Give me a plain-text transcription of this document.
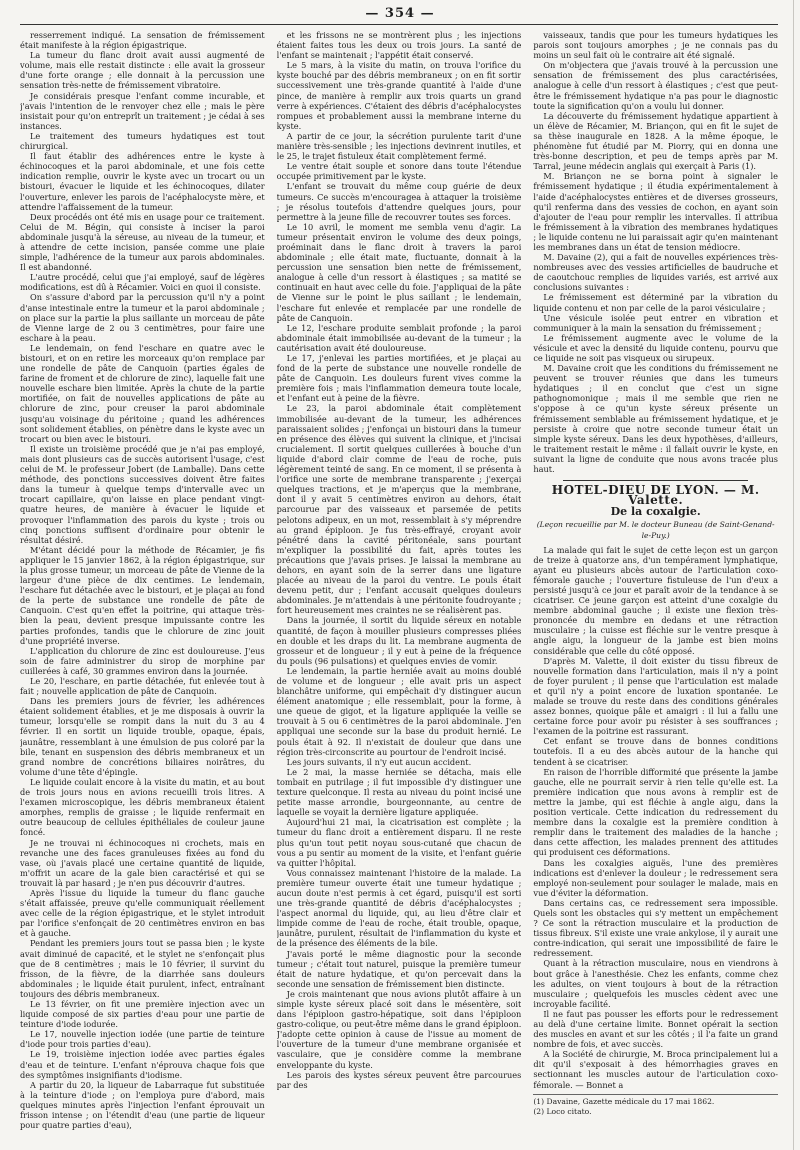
— 354 —

resserrement indiqué. La sensation de frémissement était manifeste à la région épigastrique.

La tumeur du flanc droit avait aussi augmenté de volume, mais elle restait distincte : elle avait la grosseur d'une forte orange ; elle donnait à la percussion une sensation très-nette de frémissement vibratoire.

Je considérais presque l'enfant comme incurable, et j'avais l'intention de le renvoyer chez elle ; mais le père insistait pour qu'on entreprît un traitement ; je cédai à ses instances.

Le traitement des tumeurs hydatiques est tout chirurgical.

Il faut établir des adhérences entre le kyste à échinocoques et la paroi abdominale, et une fois cette indication remplie, ouvrir le kyste avec un trocart ou un bistouri, évacuer le liquide et les échinocoques, dilater l'ouverture, enlever les parois de l'acéphalocyste mère, et attendre l'affaissement de la tumeur.

Deux procédés ont été mis en usage pour ce traitement. Celui de M. Bégin, qui consiste à inciser la paroi abdominale jusqu'à la séreuse, au niveau de la tumeur, et à attendre de cette incision, pansée comme une plaie simple, l'adhérence de la tumeur aux parois abdominales. Il est abandonné.

L'autre procédé, celui que j'ai employé, sauf de légères modifications, est dû à Récamier. Voici en quoi il consiste.

On s'assure d'abord par la percussion qu'il n'y a point d'anse intestinale entre la tumeur et la paroi abdominale ; on place sur la partie la plus saillante un morceau de pâte de Vienne large de 2 ou 3 centimètres, pour faire une eschare à la peau.

Le lendemain, on fend l'eschare en quatre avec le bistouri, et on en retire les morceaux qu'on remplace par une rondelle de pâte de Canquoin (parties égales de farine de froment et de chlorure de zinc), laquelle fait une nouvelle eschare bien limitée. Après la chute de la partie mortifiée, on fait de nouvelles applications de pâte au chlorure de zinc, pour creuser la paroi abdominale jusqu'au voisinage du péritoine ; quand les adhérences sont solidement établies, on pénètre dans le kyste avec un trocart ou bien avec le bistouri.

Il existe un troisième procédé que je n'ai pas employé, mais dont plusieurs cas de succès autorisent l'usage, c'est celui de M. le professeur Jobert (de Lamballe). Dans cette méthode, des ponctions successives doivent être faites dans la tumeur à quelque temps d'intervalle avec un trocart capillaire, qu'on laisse en place pendant vingt-quatre heures, de manière à évacuer le liquide et provoquer l'inflammation des parois du kyste ; trois ou cinq ponctions suffisent d'ordinaire pour obtenir le résultat désiré.

M'étant décidé pour la méthode de Récamier, je fis appliquer le 15 janvier 1862, à la région épigastrique, sur la plus grosse tumeur, un morceau de pâte de Vienne de la largeur d'une pièce de dix centimes. Le lendemain, l'eschare fut détachée avec le bistouri, et je plaçai au fond de la perte de substance une rondelle de pâte de Canquoin. C'est qu'en effet la poitrine, qui attaque très-bien la peau, devient presque impuissante contre les parties profondes, tandis que le chlorure de zinc jouit d'une propriété inverse.

L'application du chlorure de zinc est douloureuse. J'eus soin de faire administrer du sirop de morphine par cuillerées à café, 30 grammes environ dans la journée.

Le 20, l'eschare, en partie détachée, fut enlevée tout à fait ; nouvelle application de pâte de Canquoin.

Dans les premiers jours de février, les adhérences étaient solidement établies, et je me disposais à ouvrir la tumeur, lorsqu'elle se rompit dans la nuit du 3 au 4 février. Il en sortit un liquide trouble, opaque, épais, jaunâtre, ressemblant à une émulsion de pus coloré par la bile, tenant en suspension des débris membraneux et un grand nombre de concrétions biliaires noirâtres, du volume d'une tête d'épingle.

Le liquide coulait encore à la visite du matin, et au bout de trois jours nous en avions recueilli trois litres. A l'examen microscopique, les débris membraneux étaient amorphes, remplis de graisse ; le liquide renfermait en outre beaucoup de cellules épithéliales de couleur jaune foncé.

Je ne trouvai ni échinocoques ni crochets, mais en revanche une des faces granuleuses fixées au fond du vase, où j'avais placé une certaine quantité de liquide, m'offrit un acare de la gale bien caractérisé et qui se trouvait là par hasard ; je n'en pus découvrir d'autres.

Après l'issue du liquide la tumeur du flanc gauche s'était affaissée, preuve qu'elle communiquait réellement avec celle de la région épigastrique, et le stylet introduit par l'orifice s'enfonçait de 20 centimètres environ en bas et à gauche.

Pendant les premiers jours tout se passa bien ; le kyste avait diminué de capacité, et le stylet ne s'enfonçait plus que de 8 centimètres ; mais le 10 février, il survint du frisson, de la fièvre, de la diarrhée sans douleurs abdominales ; le liquide était purulent, infect, entraînant toujours des débris membraneux.

Le 13 février, on fit une première injection avec un liquide composé de six parties d'eau pour une partie de teinture d'iode iodurée.

Le 17, nouvelle injection iodée (une partie de teinture d'iode pour trois parties d'eau).

Le 19, troisième injection iodée avec parties égales d'eau et de teinture. L'enfant n'éprouva chaque fois que des symptômes insignifiants d'iodisme.

A partir du 20, la liqueur de Labarraque fut substituée à la teinture d'iode ; on l'employa pure d'abord, mais quelques minutes après l'injection l'enfant éprouvait un frisson intense ; on l'étendit d'eau (une partie de liqueur pour quatre parties d'eau),

et les frissons ne se montrèrent plus ; les injections étaient faites tous les deux ou trois jours. La santé de l'enfant se maintenait ; l'appétit était conservé.

Le 5 mars, à la visite du matin, on trouva l'orifice du kyste bouché par des débris membraneux ; on en fit sortir successivement une très-grande quantité à l'aide d'une pince, de manière à remplir aux trois quarts un grand verre à expériences. C'étaient des débris d'acéphalocystes rompues et probablement aussi la membrane interne du kyste.

A partir de ce jour, la sécrétion purulente tarit d'une manière très-sensible ; les injections devinrent inutiles, et le 25, le trajet fistuleux était complètement fermé.

Le ventre était souple et sonore dans toute l'étendue occupée primitivement par le kyste.

L'enfant se trouvait du même coup guérie de deux tumeurs. Ce succès m'encouragea à attaquer la troisième ; je résolus toutefois d'attendre quelques jours, pour permettre à la jeune fille de recouvrer toutes ses forces.

Le 10 avril, le moment me sembla venu d'agir. La tumeur présentait environ le volume des deux poings, proéminait dans le flanc droit à travers la paroi abdominale ; elle était mate, fluctuante, donnait à la percussion une sensation bien nette de frémissement, analogue à celle d'un ressort à élastiques ; sa matité se continuait en haut avec celle du foie. J'appliquai de la pâte de Vienne sur le point le plus saillant ; le lendemain, l'eschare fut enlevée et remplacée par une rondelle de pâte de Canquoin.

Le 12, l'eschare produite semblait profonde ; la paroi abdominale était immobilisée au-devant de la tumeur ; la cautérisation avait été douloureuse.

Le 17, j'enlevai les parties mortifiées, et je plaçai au fond de la perte de substance une nouvelle rondelle de pâte de Canquoin. Les douleurs furent vives comme la première fois ; mais l'inflammation demeura toute locale, et l'enfant eut à peine de la fièvre.

Le 23, la paroi abdominale était complètement immobilisée au-devant de la tumeur, les adhérences paraissaient solides ; j'enfonçai un bistouri dans la tumeur en présence des élèves qui suivent la clinique, et j'incisai crucialement. Il sortit quelques cuillerées à bouche d'un liquide d'abord clair comme de l'eau de roche, puis légèrement teinté de sang. En ce moment, il se présenta à l'orifice une sorte de membrane transparente ; j'exerçai quelques tractions, et je m'aperçus que la membrane, dont il y avait 5 centimètres environ au dehors, était parcourue par des vaisseaux et parsemée de petits pelotons adipeux, en un mot, ressemblait à s'y méprendre au grand épiploon. Je fus très-effrayé, croyant avoir pénétré dans la cavité péritonéale, sans pourtant m'expliquer la possibilité du fait, après toutes les précautions que j'avais prises. Je laissai la membrane au dehors, en ayant soin de la serrer dans une ligature placée au niveau de la paroi du ventre. Le pouls était devenu petit, dur ; l'enfant accusait quelques douleurs abdominales. Je m'attendais à une péritonite foudroyante ; fort heureusement mes craintes ne se réalisèrent pas.

Dans la journée, il sortit du liquide séreux en notable quantité, de façon à mouiller plusieurs compresses pliées en double et les draps du lit. La membrane augmenta de grosseur et de longueur ; il y eut à peine de la fréquence du pouls (96 pulsations) et quelques envies de vomir.

Le lendemain, la partie herniée avait au moins doublé de volume et de longueur ; elle avait pris un aspect blanchâtre uniforme, qui empêchait d'y distinguer aucun élément anatomique ; elle ressemblait, pour la forme, à une queue de gigot, et la ligature appliquée la veille se trouvait à 5 ou 6 centimètres de la paroi abdominale. J'en appliquai une seconde sur la base du produit hernié. Le pouls était à 92. Il n'existait de douleur que dans une région très-circonscrite au pourtour de l'endroit incisé.

Les jours suivants, il n'y eut aucun accident.

Le 2 mai, la masse herniée se détacha, mais elle tombait en putrilage ; il fut impossible d'y distinguer une texture quelconque. Il resta au niveau du point incisé une petite masse arrondie, bourgeonnante, au centre de laquelle se voyait la dernière ligature appliquée.

Aujourd'hui 21 mai, la cicatrisation est complète ; la tumeur du flanc droit a entièrement disparu. Il ne reste plus qu'un tout petit noyau sous-cutané que chacun de vous a pu sentir au moment de la visite, et l'enfant guérie va quitter l'hôpital.

Vous connaissez maintenant l'histoire de la malade. La première tumeur ouverte était une tumeur hydatique ; aucun doute n'est permis à cet égard, puisqu'il est sorti une très-grande quantité de débris d'acéphalocystes ; l'aspect anormal du liquide, qui, au lieu d'être clair et limpide comme de l'eau de roche, était trouble, opaque, jaunâtre, purulent, résultait de l'inflammation du kyste et de la présence des éléments de la bile.

J'avais porté le même diagnostic pour la seconde tumeur ; c'était tout naturel, puisque la première tumeur était de nature hydatique, et qu'on percevait dans la seconde une sensation de frémissement bien distincte.

Je crois maintenant que nous avions plutôt affaire à un simple kyste séreux placé soit dans le mésentère, soit dans l'épiploon gastro-hépatique, soit dans l'épiploon gastro-colique, ou peut-être même dans le grand épiploon. J'adopte cette opinion à cause de l'issue au moment de l'ouverture de la tumeur d'une membrane organisée et vasculaire, que je considère comme la membrane enveloppante du kyste.

Les parois des kystes séreux peuvent être parcourues par des

vaisseaux, tandis que pour les tumeurs hydatiques les parois sont toujours amorphes ; je ne connais pas du moins un seul fait où le contraire ait été signalé.

On m'objectera que j'avais trouvé à la percussion une sensation de frémissement des plus caractérisées, analogue à celle d'un ressort à élastiques ; c'est que peut-être le frémissement hydatique n'a pas pour le diagnostic toute la signification qu'on a voulu lui donner.

La découverte du frémissement hydatique appartient à un élève de Récamier, M. Briançon, qui en fit le sujet de sa thèse inaugurale en 1828. A la même époque, le phénomène fut étudié par M. Piorry, qui en donna une très-bonne description, et peu de temps après par M. Tarral, jeune médecin anglais qui exerçait à Paris (1).

M. Briançon ne se borna point à signaler le frémissement hydatique ; il étudia expérimentalement à l'aide d'acéphalocystes entières et de diverses grosseurs, qu'il renferma dans des vessies de cochon, en ayant soin d'ajouter de l'eau pour remplir les intervalles. Il attribua le frémissement à la vibration des membranes hydatiques ; le liquide contenu ne lui paraissait agir qu'en maintenant les membranes dans un état de tension médiocre.

M. Davaine (2), qui a fait de nouvelles expériences très-nombreuses avec des vessies artificielles de baudruche et de caoutchouc remplies de liquides variés, est arrivé aux conclusions suivantes :

Le frémissement est déterminé par la vibration du liquide contenu et non par celle de la paroi vésiculaire ;

Une vésicule isolée peut entrer en vibration et communiquer à la main la sensation du frémissement ;

Le frémissement augmente avec le volume de la vésicule et avec la densité du liquide contenu, pourvu que ce liquide ne soit pas visqueux ou sirupeux.

M. Davaine croit que les conditions du frémissement ne peuvent se trouver réunies que dans les tumeurs hydatiques ; il en conclut que c'est un signe pathognomonique ; mais il me semble que rien ne s'oppose à ce qu'un kyste séreux présente un frémissement semblable au frémissement hydatique, et je persiste à croire que notre seconde tumeur était un simple kyste séreux. Dans les deux hypothèses, d'ailleurs, le traitement restait le même : il fallait ouvrir le kyste, en suivant la ligne de conduite que nous avons tracée plus haut.

HOTEL-DIEU DE LYON. — M. Valette.
De la coxalgie.
(Leçon recueillie par M. le docteur Buneau (de Saint-Genand-le-Puy.)

La malade qui fait le sujet de cette leçon est un garçon de treize à quatorze ans, d'un tempérament lymphatique, ayant eu plusieurs abcès autour de l'articulation coxo-fémorale gauche ; l'ouverture fistuleuse de l'un d'eux a persisté jusqu'à ce jour et paraît avoir de la tendance à se cicatriser. Ce jeune garçon est atteint d'une coxalgie du membre abdominal gauche ; il existe une flexion très-prononcée du membre en dedans et une rétraction musculaire ; la cuisse est fléchie sur le ventre presque à angle aigu, la longueur de la jambe est bien moins considérable que celle du côté opposé.

D'après M. Valette, il doit exister du tissu fibreux de nouvelle formation dans l'articulation, mais il n'y a point de foyer purulent ; il pense que l'articulation est malade et qu'il n'y a point encore de luxation spontanée. Le malade se trouve du reste dans des conditions générales assez bonnes, quoique pâle et amaigri : il lui a fallu une certaine force pour avoir pu résister à ses souffrances ; l'examen de la poitrine est rassurant.

Cet enfant se trouve dans de bonnes conditions toutefois. Il a eu des abcès autour de la hanche qui tendent à se cicatriser.

En raison de l'horrible difformité que présente la jambe gauche, elle ne pourrait servir à rien telle qu'elle est. La première indication que nous avons à remplir est de mettre la jambe, qui est fléchie à angle aigu, dans la position verticale. Cette indication du redressement du membre dans la coxalgie est la première condition à remplir dans le traitement des maladies de la hanche ; dans cette affection, les malades prennent des attitudes qui produisent ces déformations.

Dans les coxalgies aiguës, l'une des premières indications est d'enlever la douleur ; le redressement sera employé non-seulement pour soulager le malade, mais en vue d'éviter la déformation.

Dans certains cas, ce redressement sera impossible. Quels sont les obstacles qui s'y mettent un empêchement ? Ce sont la rétraction musculaire et la production de tissus fibreux. S'il existe une vraie ankylose, il y aurait une contre-indication, qui serait une impossibilité de faire le redressement.

Quant à la rétraction musculaire, nous en viendrons à bout grâce à l'anesthésie. Chez les enfants, comme chez les adultes, on vient toujours à bout de la rétraction musculaire ; quelquefois les muscles cèdent avec une incroyable facilité.

Il ne faut pas pousser les efforts pour le redressement au delà d'une certaine limite. Bonnet opérait la section des muscles en avant et sur les côtés ; il l'a faite un grand nombre de fois, et avec succès.

A la Société de chirurgie, M. Broca principalement lui a dit qu'il s'exposait à des hémorrhagies graves en sectionnant les muscles autour de l'articulation coxo-fémorale. — Bonnet a

(1) Davaine, Gazette médicale du 17 mai 1862.

(2) Loco citato.
